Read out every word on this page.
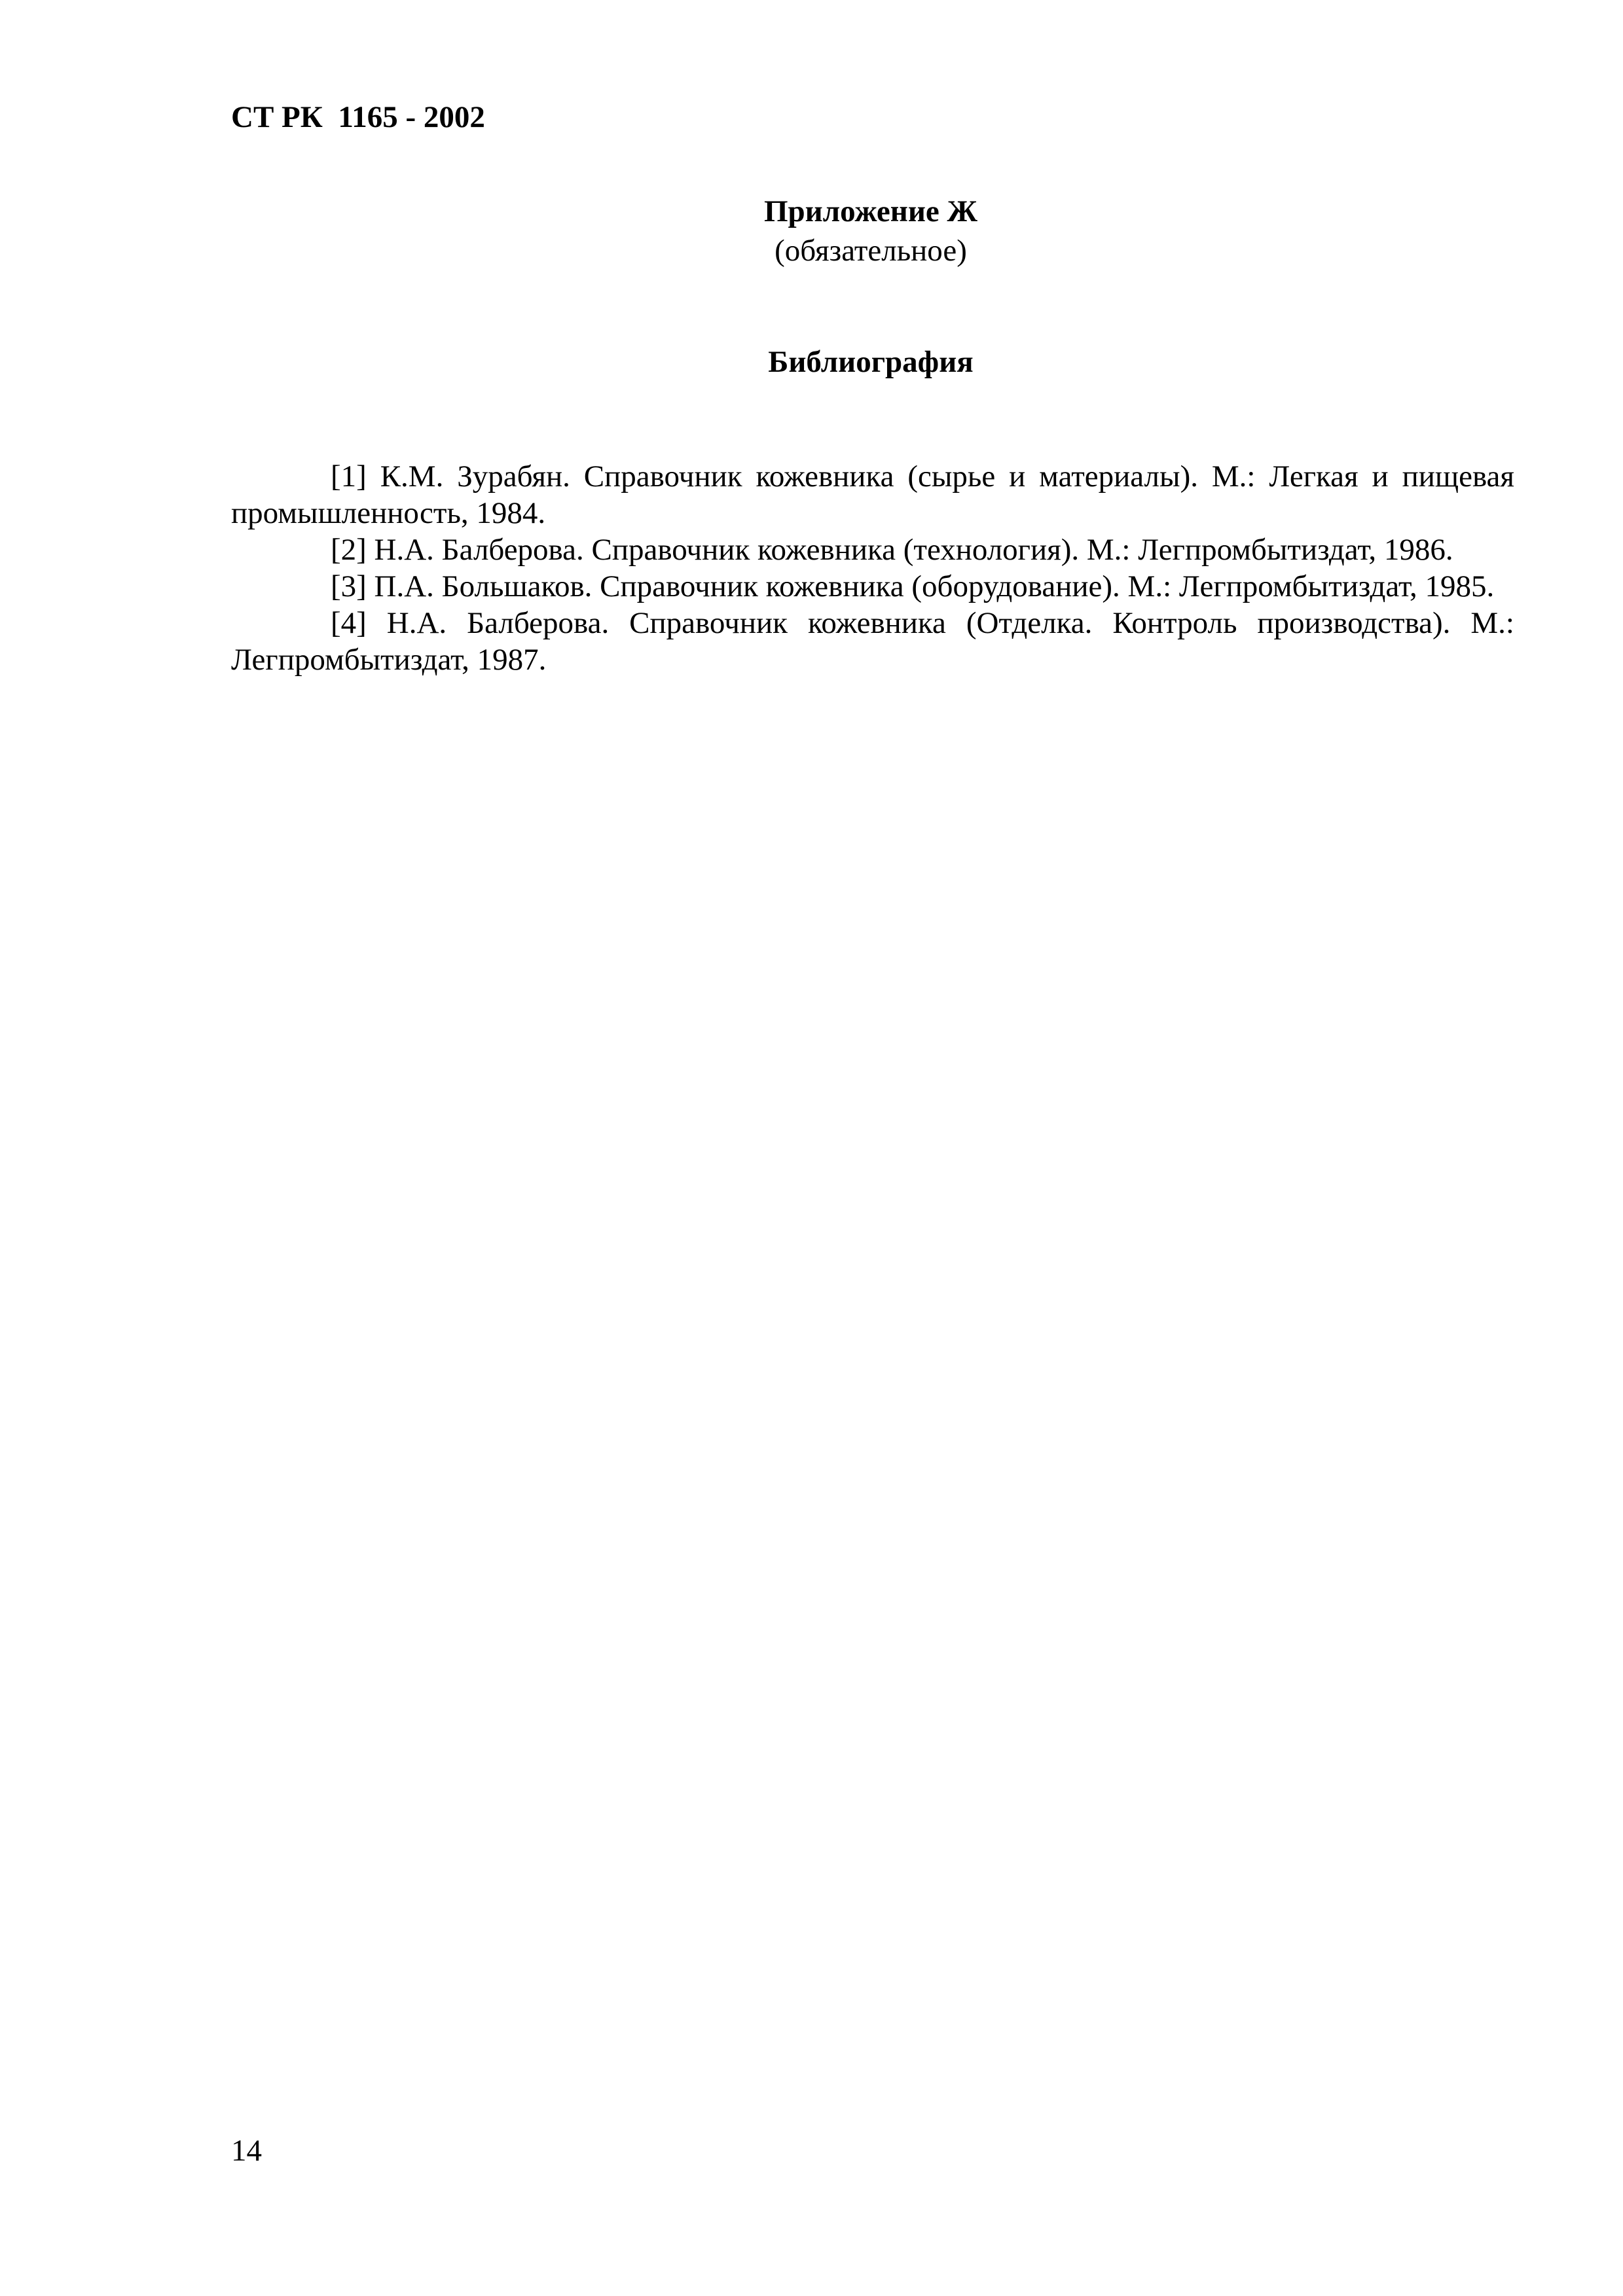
СТ РК  1165 - 2002
Приложение Ж
(обязательное)
Библиография
[1] К.М. Зурабян. Справочник кожевника (сырье и материалы). М.: Легкая и пищевая промышленность, 1984.
[2] Н.А. Балберова. Справочник кожевника (технология). М.: Легпромбытиздат, 1986.
[3] П.А. Большаков. Справочник кожевника (оборудование). М.: Легпромбытиздат, 1985.
[4] Н.А. Балберова. Справочник кожевника (Отделка. Контроль производства). М.: Легпромбытиздат, 1987.
14
